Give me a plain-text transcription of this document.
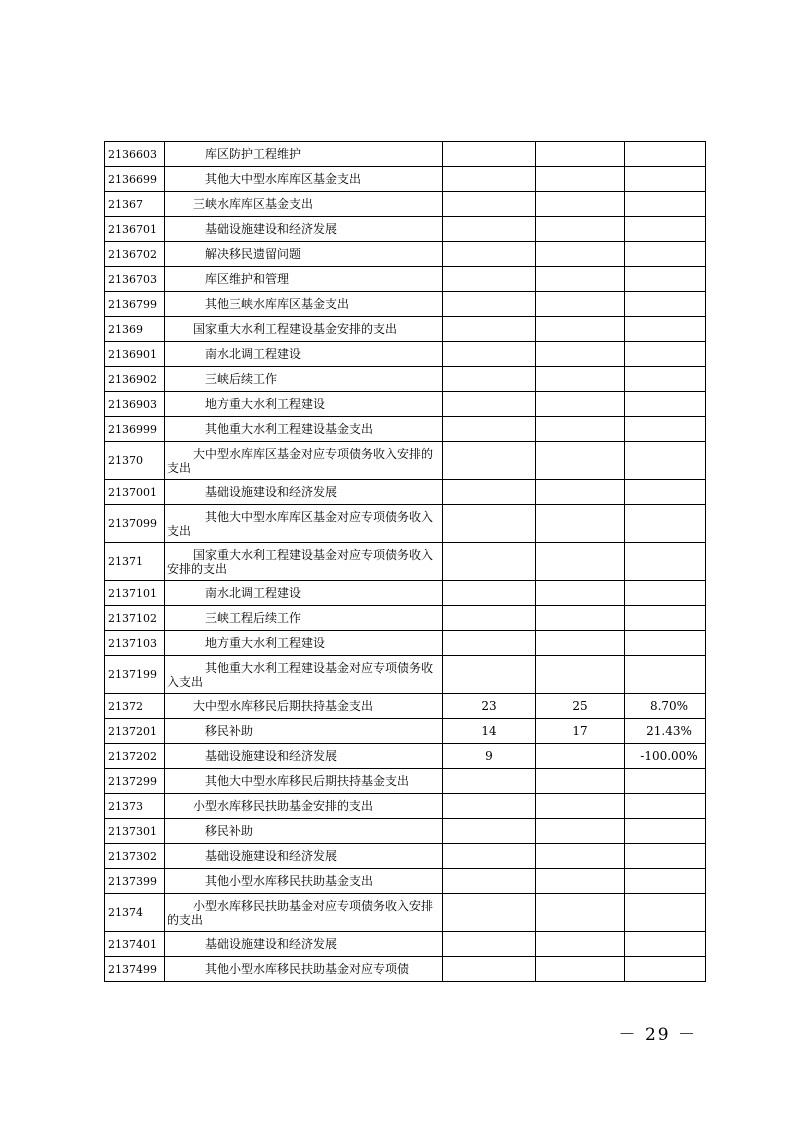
2136603	库区防护工程维护			
2136699	其他大中型水库库区基金支出			
21367	三峡水库库区基金支出			
2136701	基础设施建设和经济发展			
2136702	解决移民遗留问题			
2136703	库区维护和管理			
2136799	其他三峡水库库区基金支出			
21369	国家重大水利工程建设基金安排的支出			
2136901	南水北调工程建设			
2136902	三峡后续工作			
2136903	地方重大水利工程建设			
2136999	其他重大水利工程建设基金支出			
21370	大中型水库库区基金对应专项债务收入安排的支出			
2137001	基础设施建设和经济发展			
2137099	其他大中型水库库区基金对应专项债务收入支出			
21371	国家重大水利工程建设基金对应专项债务收入安排的支出			
2137101	南水北调工程建设			
2137102	三峡工程后续工作			
2137103	地方重大水利工程建设			
2137199	其他重大水利工程建设基金对应专项债务收入支出			
21372	大中型水库移民后期扶持基金支出	23	25	8.70%
2137201	移民补助	14	17	21.43%
2137202	基础设施建设和经济发展	9		-100.00%
2137299	其他大中型水库移民后期扶持基金支出			
21373	小型水库移民扶助基金安排的支出			
2137301	移民补助			
2137302	基础设施建设和经济发展			
2137399	其他小型水库移民扶助基金支出			
21374	小型水库移民扶助基金对应专项债务收入安排的支出			
2137401	基础设施建设和经济发展			
2137499	其他小型水库移民扶助基金对应专项债			
－ 29 －
